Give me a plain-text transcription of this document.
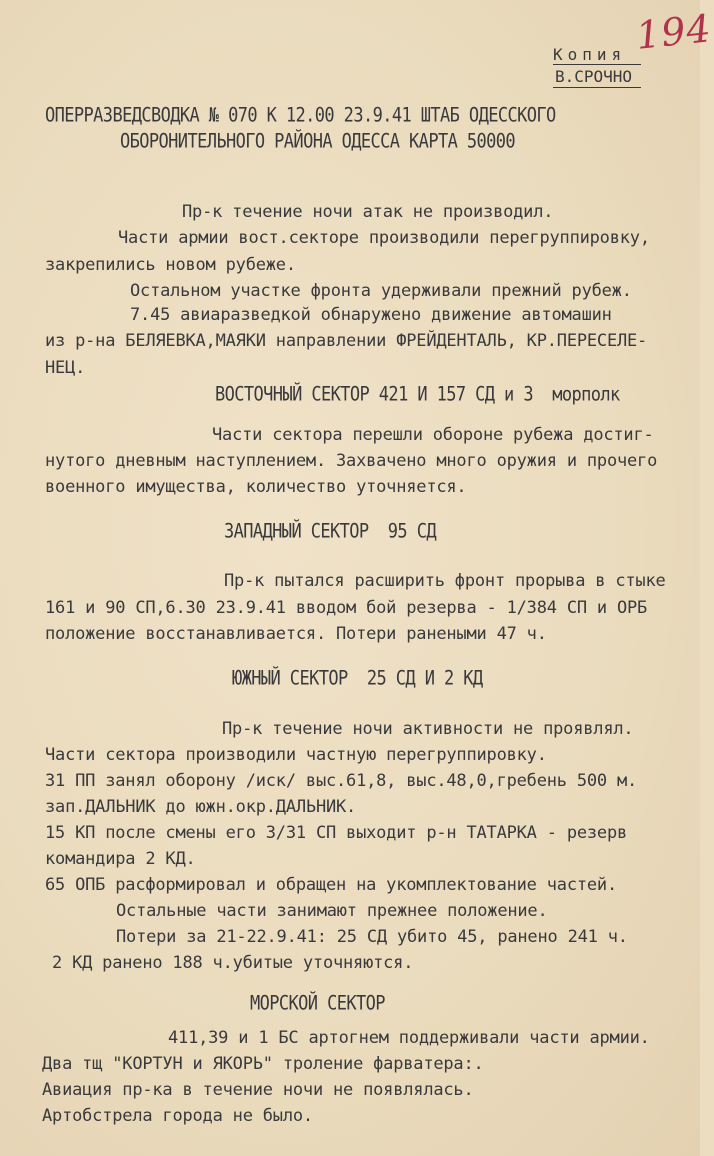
194
Копия
В.СРОЧНО
ОПЕРРАЗВЕДСВОДКА № 070 К 12.00 23.9.41 ШТАБ ОДЕССКОГО
ОБОРОНИТЕЛЬНОГО РАЙОНА ОДЕССА КАРТА 50000
Пр-к течение ночи атак не производил.
Части армии вост.секторе производили перегруппировку,
закрепились новом рубеже.
Остальном участке фронта удерживали прежний рубеж.
7.45 авиаразведкой обнаружено движение автомашин
из р-на БЕЛЯЕВКА,МАЯКИ направлении ФРЕЙДЕНТАЛЬ, КР.ПЕРЕСЕЛЕ-
НЕЦ.
ВОСТОЧНЫЙ СЕКТОР 421 И 157 СД и 3  морполк
Части сектора перешли обороне рубежа достиг-
нутого дневным наступлением. Захвачено много оружия и прочего
военного имущества, количество уточняется.
ЗАПАДНЫЙ СЕКТОР  95 СД
Пр-к пытался расширить фронт прорыва в стыке
161 и 90 СП,6.30 23.9.41 вводом бой резерва - 1/384 СП и ОРБ
положение восстанавливается. Потери ранеными 47 ч.
ЮЖНЫЙ СЕКТОР  25 СД И 2 КД
Пр-к течение ночи активности не проявлял.
Части сектора производили частную перегруппировку.
31 ПП занял оборону /иск/ выс.61,8, выс.48,0,гребень 500 м.
зап.ДАЛЬНИК до южн.окр.ДАЛЬНИК.
15 КП после смены его 3/31 СП выходит р-н ТАТАРКА - резерв
командира 2 КД.
65 ОПБ расформировал и обращен на укомплектование частей.
Остальные части занимают прежнее положение.
Потери за 21-22.9.41: 25 СД убито 45, ранено 241 ч.
2 КД ранено 188 ч.убитые уточняются.
МОРСКОЙ СЕКТОР
411,39 и 1 БС артогнем поддерживали части армии.
Два тщ "КОРТУН и ЯКОРЬ" троление фарватера:.
Авиация пр-ка в течение ночи не появлялась.
Артобстрела города не было.
